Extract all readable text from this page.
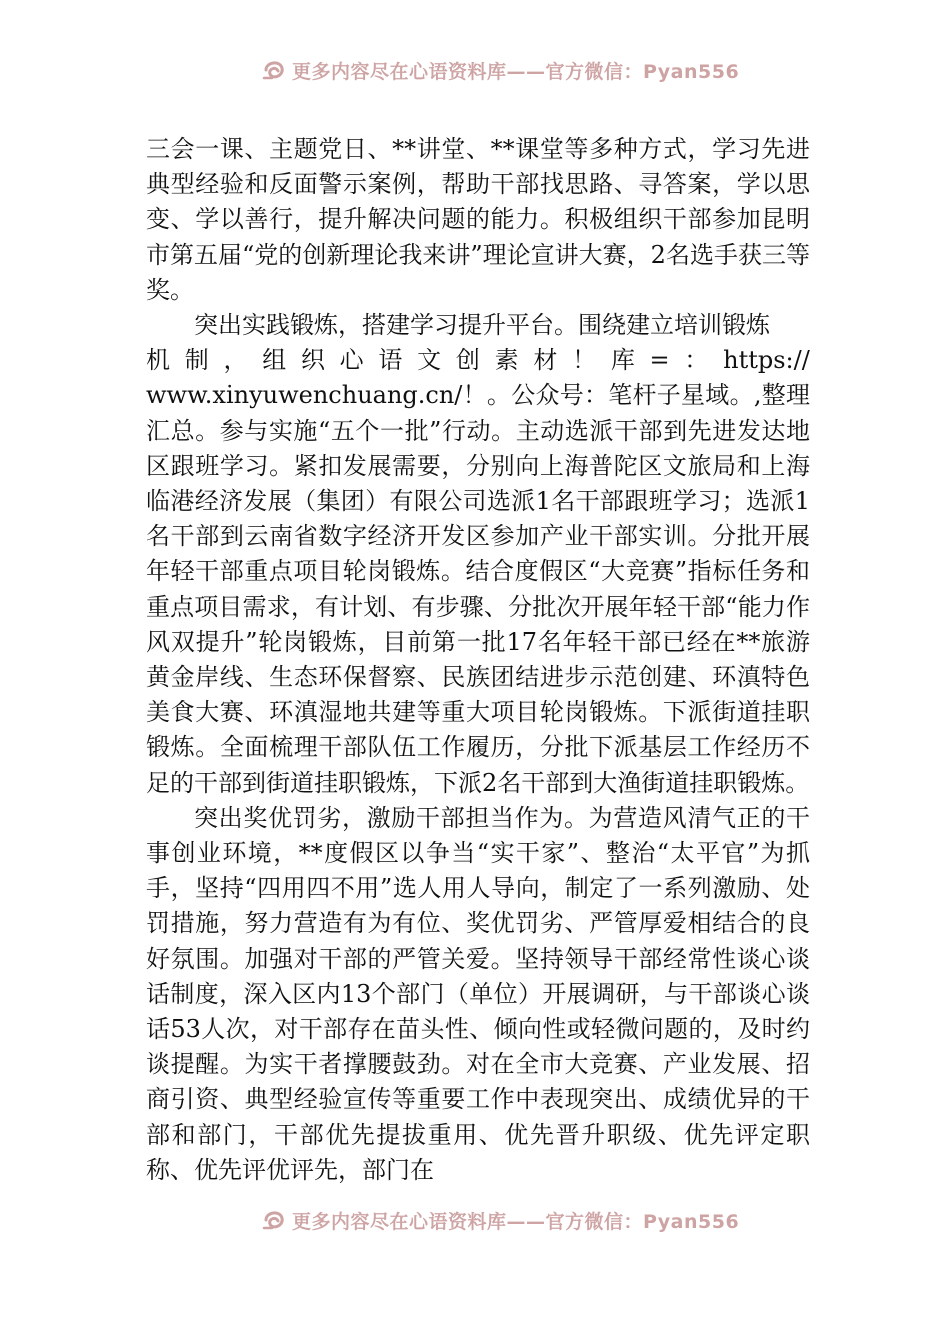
更多内容尽在心语资料库——官方微信：Pyan556

三会一课、主题党日、**讲堂、**课堂等多种方式，学习先进典型经验和反面警示案例，帮助干部找思路、寻答案，学以思变、学以善行，提升解决问题的能力。积极组织干部参加昆明市第五届“党的创新理论我来讲”理论宣讲大赛，2名选手获三等奖。

突出实践锻炼，搭建学习提升平台。围绕建立培训锻炼

机 制 ， 组 织 心 语 文 创 素 材 ！ 库 = ： https://

www.xinyuwenchuang.cn/！。公众号：笔杆子星域。,整理汇总。参与实施“五个一批”行动。主动选派干部到先进发达地区跟班学习。紧扣发展需要，分别向上海普陀区文旅局和上海临港经济发展（集团）有限公司选派1名干部跟班学习；选派1名干部到云南省数字经济开发区参加产业干部实训。分批开展年轻干部重点项目轮岗锻炼。结合度假区“大竞赛”指标任务和重点项目需求，有计划、有步骤、分批次开展年轻干部“能力作风双提升”轮岗锻炼，目前第一批17名年轻干部已经在**旅游黄金岸线、生态环保督察、民族团结进步示范创建、环滇特色美食大赛、环滇湿地共建等重大项目轮岗锻炼。下派街道挂职锻炼。全面梳理干部队伍工作履历，分批下派基层工作经历不足的干部到街道挂职锻炼，下派2名干部到大渔街道挂职锻炼。

突出奖优罚劣，激励干部担当作为。为营造风清气正的干事创业环境，**度假区以争当“实干家”、整治“太平官”为抓手，坚持“四用四不用”选人用人导向，制定了一系列激励、处罚措施，努力营造有为有位、奖优罚劣、严管厚爱相结合的良好氛围。加强对干部的严管关爱。坚持领导干部经常性谈心谈话制度，深入区内13个部门（单位）开展调研，与干部谈心谈话53人次，对干部存在苗头性、倾向性或轻微问题的，及时约谈提醒。为实干者撑腰鼓劲。对在全市大竞赛、产业发展、招商引资、典型经验宣传等重要工作中表现突出、成绩优异的干部和部门，干部优先提拔重用、优先晋升职级、优先评定职称、优先评优评先，部门在

更多内容尽在心语资料库——官方微信：Pyan556
